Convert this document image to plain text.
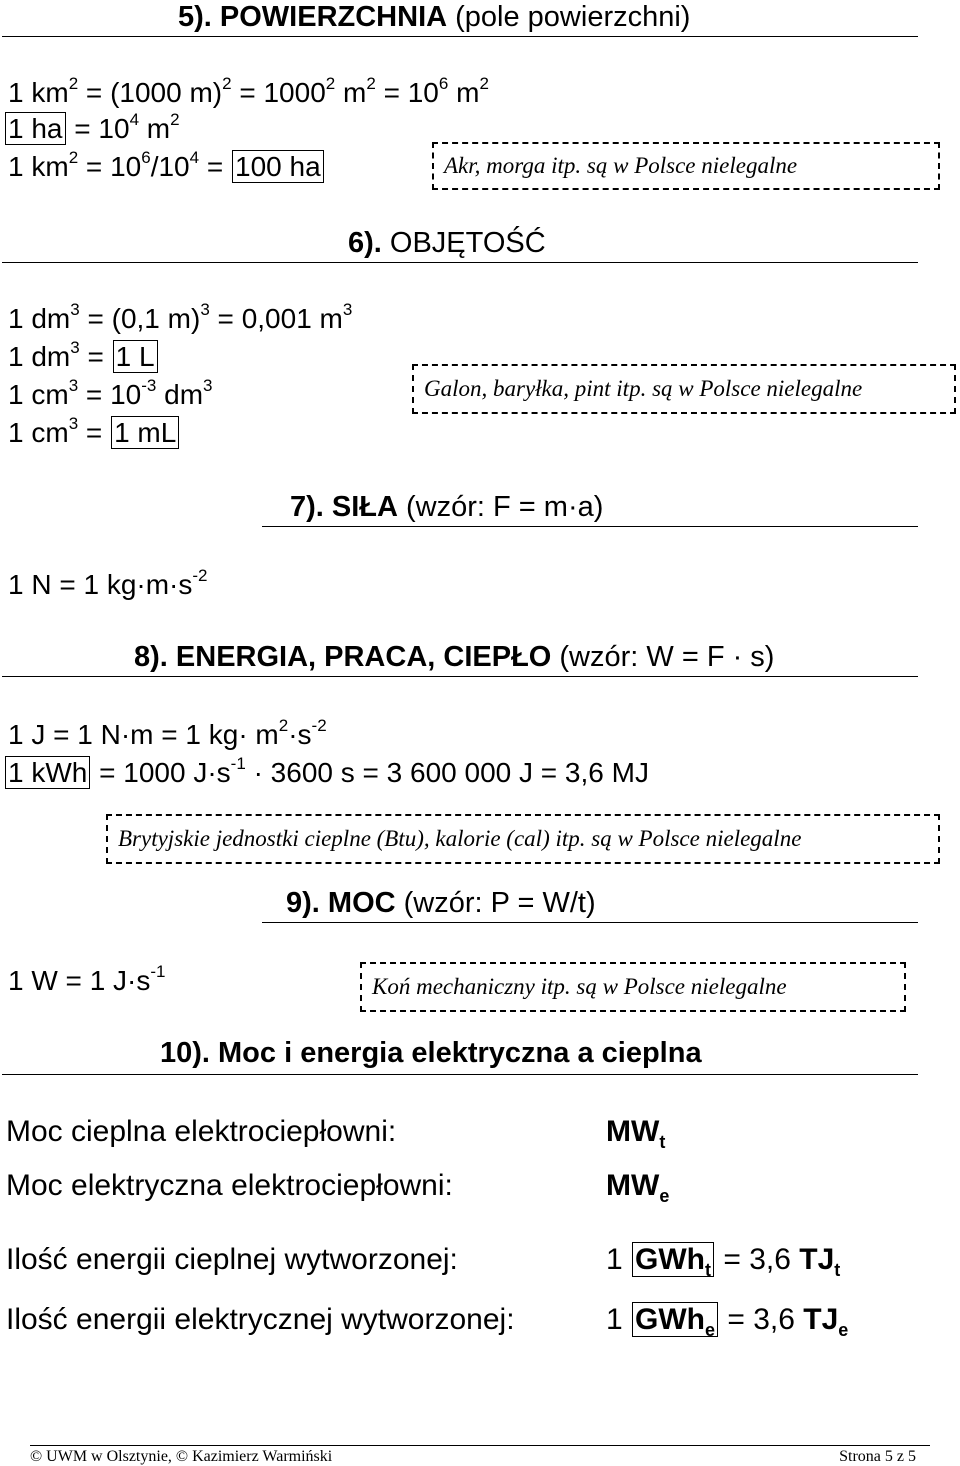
5). POWIERZCHNIA (pole powierzchni)
1 $km^2 = (1000$ $m)^2 = 1000^2$ $m^2 = 10^6$ $m^2$
1 ha = $10^4$ $m^2$
1 $km^2 = 10^6/10^4 = 100$ ha	Akr, morga itp. są w Polsce nielegalne
6). OBJĘTOŚĆ
1 $dm^3 = (0,1$ m)$^3$ = 0,001 $m^3$
1 $dm^3 = 1$ L
1 $cm^3 = 10^{-3}$ $dm^3$
1 $cm^3 = 1$ mL
Galon, baryłka, pint itp. są w Polsce nielegalne
7). SIŁA (wzór: F = m·a)
1 N = 1 $kg\cdot m\cdot s^{-2}$
8). ENERGIA, PRACA, CIEPŁO (wzór: W = F · s)
1 J = 1 N·m = 1 $kg\cdot m^2\cdot s^{-2}$
1 kWh = 1000 $J\cdot s^{-1} \cdot 3600$ s = 3 600 000 J = 3,6 MJ
Brytyjskie jednostki cieplne (Btu), kalorie (cal) itp. są w Polsce nielegalne
9). MOC (wzór: P = W/t)
1 W = 1 $J\cdot s^{-1}$
Koń mechaniczny itp. są w Polsce nielegalne
10). Moc i energia elektryczna a cieplna
Moc cieplna elektrociepłowni:	$MW_t$
Moc elektryczna elektrociepłowni:	$MW_e$
Ilość energii cieplnej wytworzonej:	1 GWh$_t$ = 3,6 $TJ_t$
Ilość energii elektrycznej wytworzonej:	1 GWh$_e$ = 3,6 $TJ_e$
© UWM w Olsztynie, © Kazimierz Warmiński	Strona 5 z 5
